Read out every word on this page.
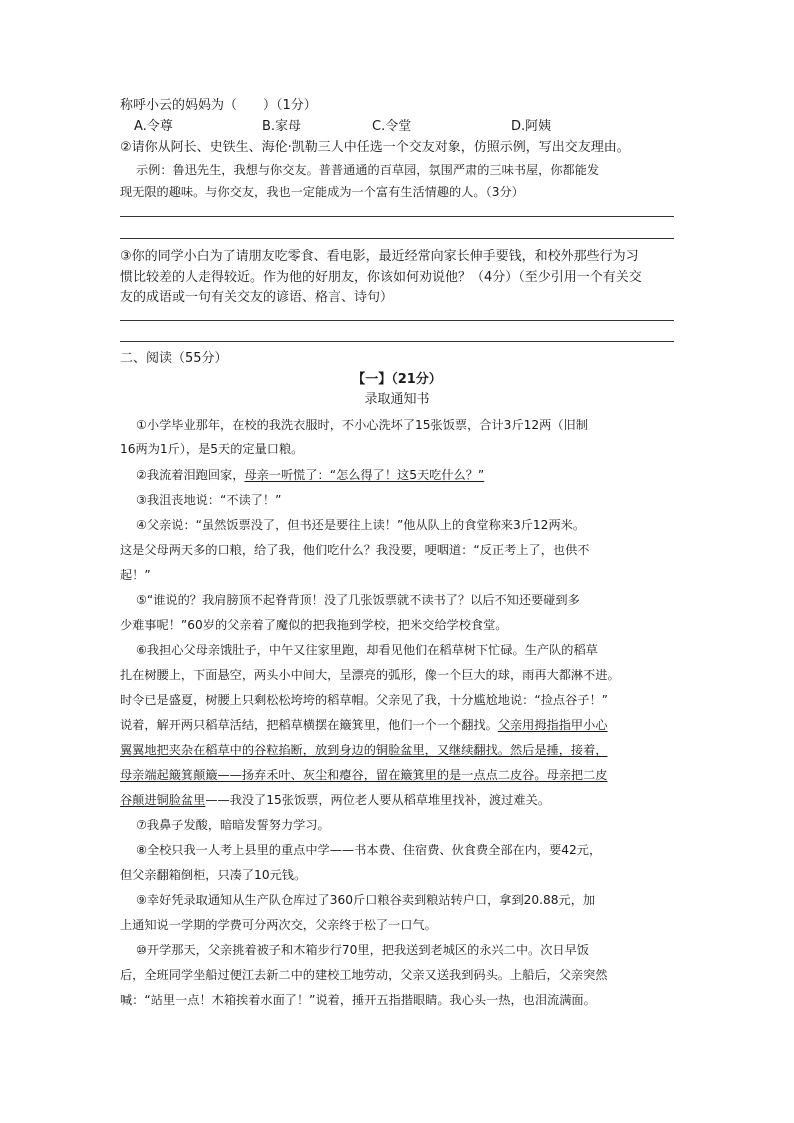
称呼小云的妈妈为（　　）（1分）
A.令尊	B.家母	C.令堂	D.阿姨
②请你从阿长、史铁生、海伦·凯勒三人中任选一个交友对象，仿照示例，写出交友理由。
示例：鲁迅先生，我想与你交友。普普通通的百草园，氛围严肃的三味书屋，你都能发
现无限的趣味。与你交友，我也一定能成为一个富有生活情趣的人。（3分）
③你的同学小白为了请朋友吃零食、看电影，最近经常向家长伸手要钱，和校外那些行为习
惯比较差的人走得较近。作为他的好朋友，你该如何劝说他？（4分）（至少引用一个有关交
友的成语或一句有关交友的谚语、格言、诗句）
二、阅读（55分）
【一】（21分）
录取通知书
①小学毕业那年，在校的我洗衣服时，不小心洗坏了15张饭票，合计3斤12两（旧制
16两为1斤），是5天的定量口粮。
②我流着泪跑回家，母亲一听慌了：“怎么得了！这5天吃什么？”
③我沮丧地说：“不读了！”
④父亲说：“虽然饭票没了，但书还是要往上读！”他从队上的食堂称来3斤12两米。
这是父母两天多的口粮，给了我，他们吃什么？我没要，哽咽道：“反正考上了，也供不
起！”
⑤“谁说的？我肩膀顶不起脊背顶！没了几张饭票就不读书了？以后不知还要碰到多
少难事呢！”60岁的父亲着了魔似的把我拖到学校，把米交给学校食堂。
⑥我担心父母亲饿肚子，中午又往家里跑，却看见他们在稻草树下忙碌。生产队的稻草
扎在树腰上，下面悬空，两头小中间大，呈漂亮的弧形，像一个巨大的球，雨再大都淋不进。
时令已是盛夏，树腰上只剩松松垮垮的稻草帽。父亲见了我，十分尴尬地说：“捡点谷子！”
说着，解开两只稻草活结，把稻草横摆在簸箕里，他们一个一个翻找。父亲用拇指指甲小心
翼翼地把夹杂在稻草中的谷粒掐断，放到身边的铜脸盆里，又继续翻找。然后是捶，接着，
母亲端起簸箕颠簸——扬弃禾叶、灰尘和瘪谷，留在簸箕里的是一点点二皮谷。母亲把二皮
谷颠进铜脸盆里——我没了15张饭票，两位老人要从稻草堆里找补，渡过难关。
⑦我鼻子发酸，暗暗发誓努力学习。
⑧全校只我一人考上县里的重点中学——书本费、住宿费、伙食费全部在内，要42元，
但父亲翻箱倒柜，只凑了10元钱。
⑨幸好凭录取通知从生产队仓库过了360斤口粮谷卖到粮站转户口，拿到20.88元，加
上通知说一学期的学费可分两次交，父亲终于松了一口气。
⑩开学那天，父亲挑着被子和木箱步行70里，把我送到老城区的永兴二中。次日早饭
后，全班同学坐船过便江去新二中的建校工地劳动，父亲又送我到码头。上船后，父亲突然
喊：“站里一点！木箱挨着水面了！”说着，捶开五指揩眼睛。我心头一热，也泪流满面。
